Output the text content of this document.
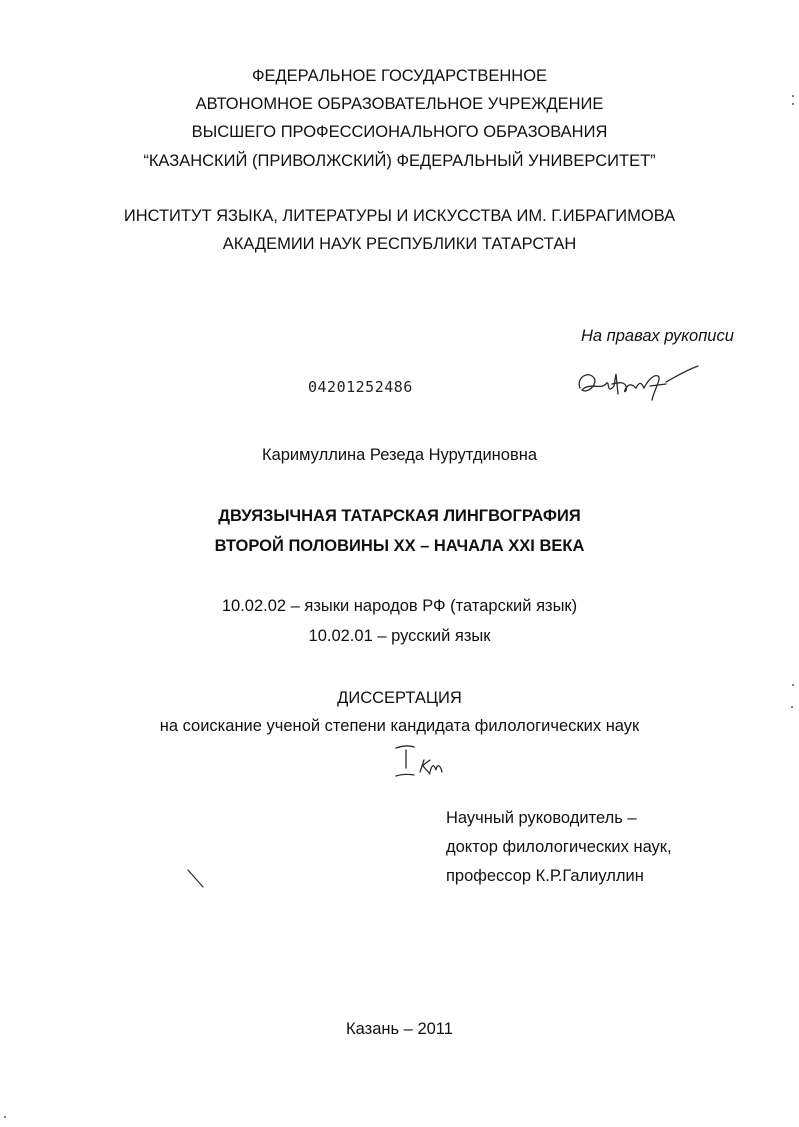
ФЕДЕРАЛЬНОЕ ГОСУДАРСТВЕННОЕ
АВТОНОМНОЕ ОБРАЗОВАТЕЛЬНОЕ УЧРЕЖДЕНИЕ
ВЫСШЕГО ПРОФЕССИОНАЛЬНОГО ОБРАЗОВАНИЯ
“КАЗАНСКИЙ (ПРИВОЛЖСКИЙ) ФЕДЕРАЛЬНЫЙ УНИВЕРСИТЕТ”
ИНСТИТУТ ЯЗЫКА, ЛИТЕРАТУРЫ И ИСКУССТВА ИМ. Г.ИБРАГИМОВА
АКАДЕМИИ НАУК РЕСПУБЛИКИ ТАТАРСТАН
На правах рукописи
04201252486
Каримуллина Резеда Нурутдиновна
ДВУЯЗЫЧНАЯ ТАТАРСКАЯ ЛИНГВОГРАФИЯ
ВТОРОЙ ПОЛОВИНЫ ХХ – НАЧАЛА XXI ВЕКА
10.02.02 – языки народов РФ (татарский язык)
10.02.01 – русский язык
ДИССЕРТАЦИЯ
на соискание ученой степени кандидата филологических наук
Научный руководитель –
доктор филологических наук,
профессор К.Р.Галиуллин
Казань – 2011
